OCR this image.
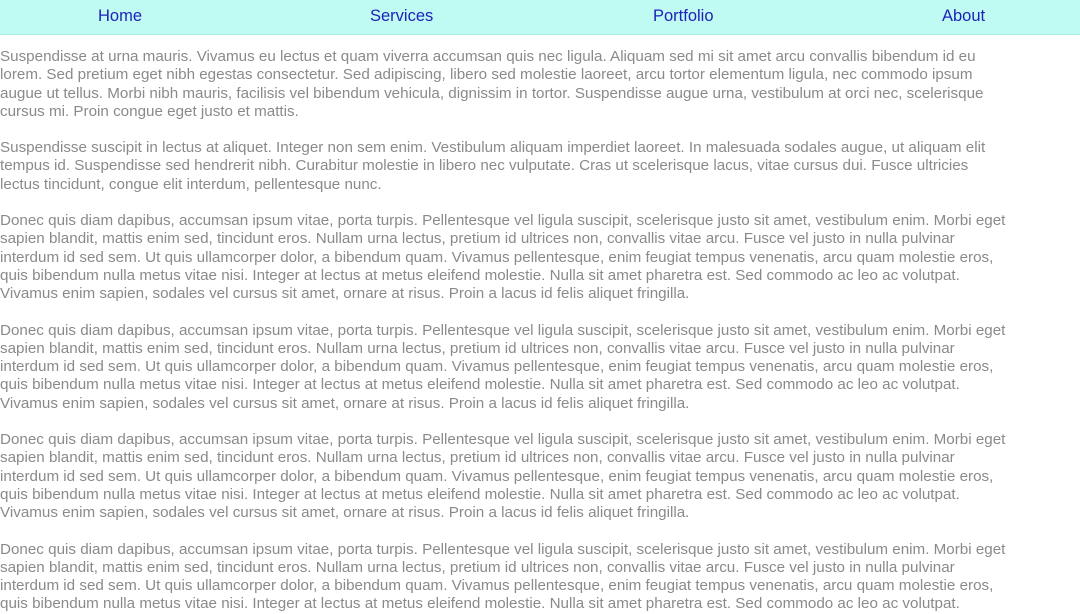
Home	Services	Portfolio	About

Suspendisse at urna mauris. Vivamus eu lectus et quam viverra accumsan quis nec ligula. Aliquam sed mi sit amet arcu convallis bibendum id eu
lorem. Sed pretium eget nibh egestas consectetur. Sed adipiscing, libero sed molestie laoreet, arcu tortor elementum ligula, nec commodo ipsum
augue ut tellus. Morbi nibh mauris, facilisis vel bibendum vehicula, dignissim in tortor. Suspendisse augue urna, vestibulum at orci nec, scelerisque
cursus mi. Proin congue eget justo et mattis.

Suspendisse suscipit in lectus at aliquet. Integer non sem enim. Vestibulum aliquam imperdiet laoreet. In malesuada sodales augue, ut aliquam elit
tempus id. Suspendisse sed hendrerit nibh. Curabitur molestie in libero nec vulputate. Cras ut scelerisque lacus, vitae cursus dui. Fusce ultricies
lectus tincidunt, congue elit interdum, pellentesque nunc.

Donec quis diam dapibus, accumsan ipsum vitae, porta turpis. Pellentesque vel ligula suscipit, scelerisque justo sit amet, vestibulum enim. Morbi eget
sapien blandit, mattis enim sed, tincidunt eros. Nullam urna lectus, pretium id ultrices non, convallis vitae arcu. Fusce vel justo in nulla pulvinar
interdum id sed sem. Ut quis ullamcorper dolor, a bibendum quam. Vivamus pellentesque, enim feugiat tempus venenatis, arcu quam molestie eros,
quis bibendum nulla metus vitae nisi. Integer at lectus at metus eleifend molestie. Nulla sit amet pharetra est. Sed commodo ac leo ac volutpat.
Vivamus enim sapien, sodales vel cursus sit amet, ornare at risus. Proin a lacus id felis aliquet fringilla.

Donec quis diam dapibus, accumsan ipsum vitae, porta turpis. Pellentesque vel ligula suscipit, scelerisque justo sit amet, vestibulum enim. Morbi eget
sapien blandit, mattis enim sed, tincidunt eros. Nullam urna lectus, pretium id ultrices non, convallis vitae arcu. Fusce vel justo in nulla pulvinar
interdum id sed sem. Ut quis ullamcorper dolor, a bibendum quam. Vivamus pellentesque, enim feugiat tempus venenatis, arcu quam molestie eros,
quis bibendum nulla metus vitae nisi. Integer at lectus at metus eleifend molestie. Nulla sit amet pharetra est. Sed commodo ac leo ac volutpat.
Vivamus enim sapien, sodales vel cursus sit amet, ornare at risus. Proin a lacus id felis aliquet fringilla.

Donec quis diam dapibus, accumsan ipsum vitae, porta turpis. Pellentesque vel ligula suscipit, scelerisque justo sit amet, vestibulum enim. Morbi eget
sapien blandit, mattis enim sed, tincidunt eros. Nullam urna lectus, pretium id ultrices non, convallis vitae arcu. Fusce vel justo in nulla pulvinar
interdum id sed sem. Ut quis ullamcorper dolor, a bibendum quam. Vivamus pellentesque, enim feugiat tempus venenatis, arcu quam molestie eros,
quis bibendum nulla metus vitae nisi. Integer at lectus at metus eleifend molestie. Nulla sit amet pharetra est. Sed commodo ac leo ac volutpat.
Vivamus enim sapien, sodales vel cursus sit amet, ornare at risus. Proin a lacus id felis aliquet fringilla.

Donec quis diam dapibus, accumsan ipsum vitae, porta turpis. Pellentesque vel ligula suscipit, scelerisque justo sit amet, vestibulum enim. Morbi eget
sapien blandit, mattis enim sed, tincidunt eros. Nullam urna lectus, pretium id ultrices non, convallis vitae arcu. Fusce vel justo in nulla pulvinar
interdum id sed sem. Ut quis ullamcorper dolor, a bibendum quam. Vivamus pellentesque, enim feugiat tempus venenatis, arcu quam molestie eros,
quis bibendum nulla metus vitae nisi. Integer at lectus at metus eleifend molestie. Nulla sit amet pharetra est. Sed commodo ac leo ac volutpat.
